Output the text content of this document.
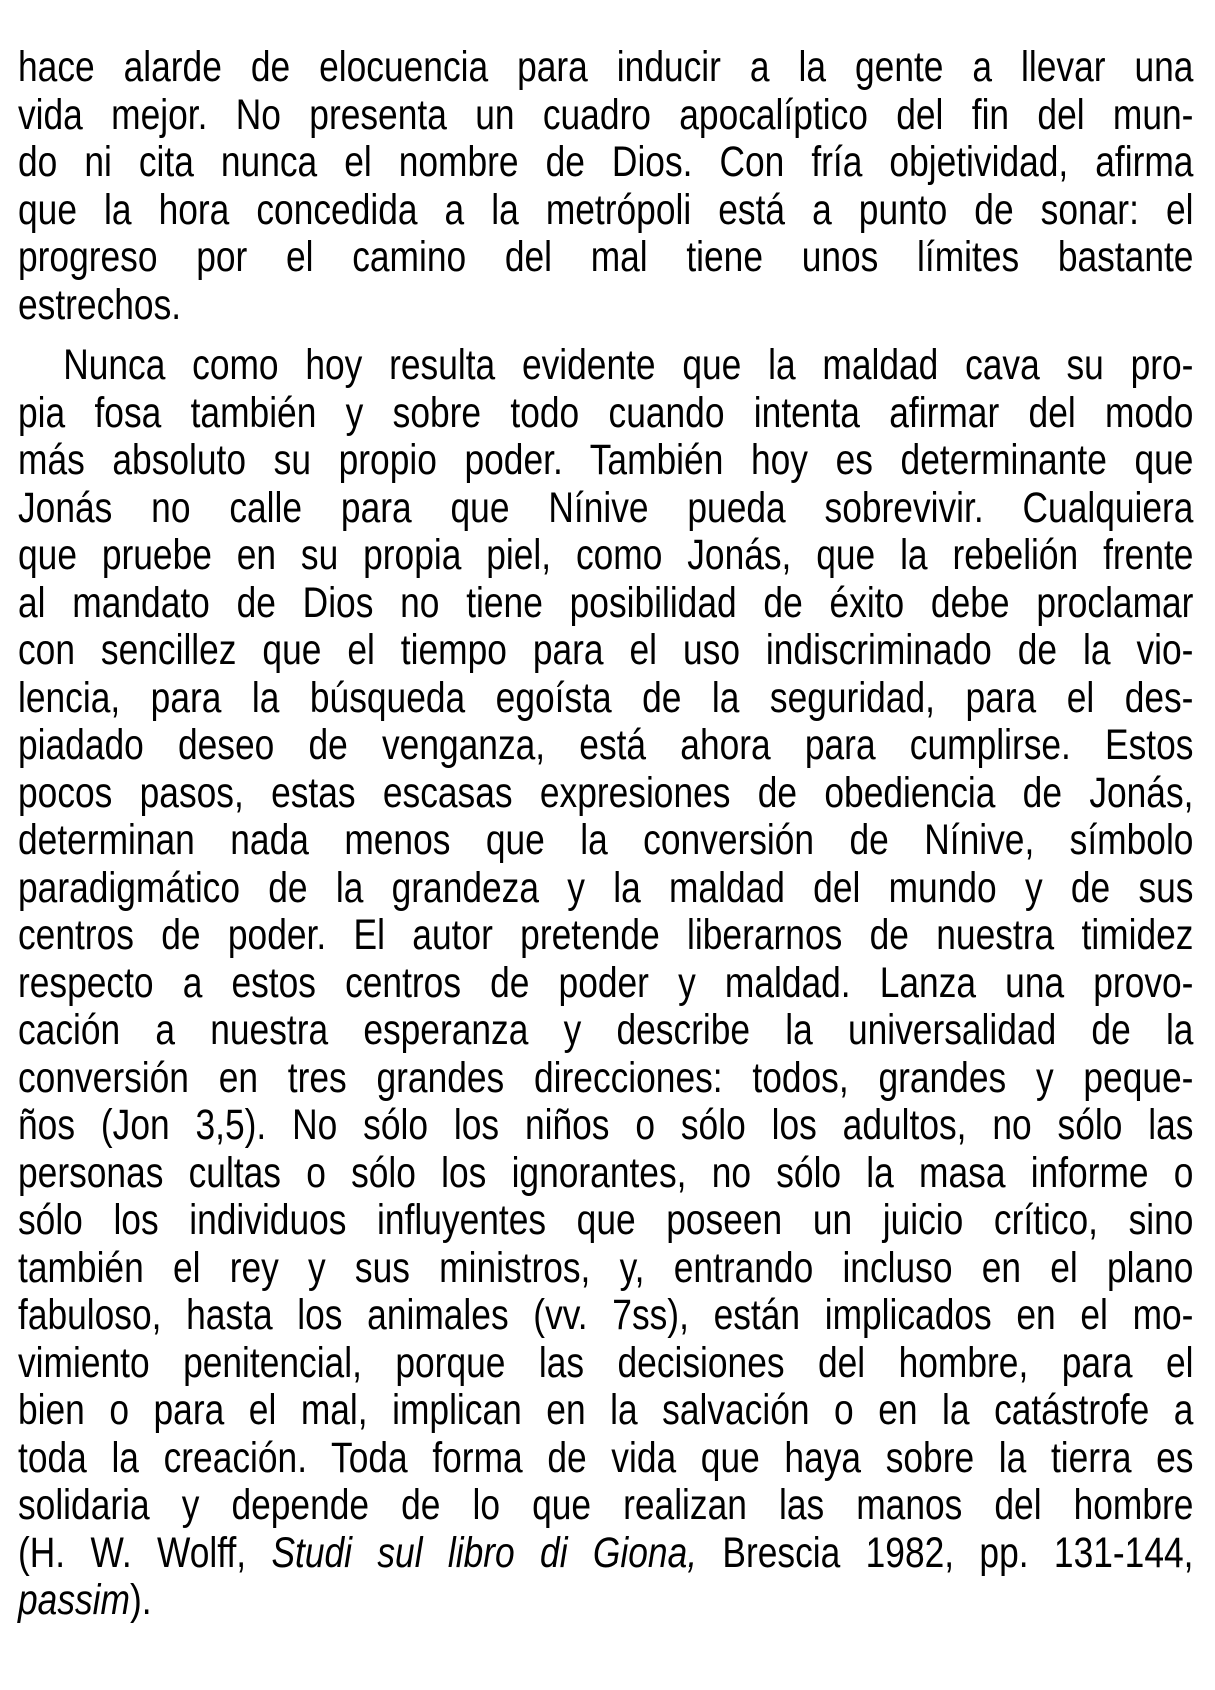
hace alarde de elocuencia para inducir a la gente a llevar una

vida mejor. No presenta un cuadro apocalíptico del fin del mun-

do ni cita nunca el nombre de Dios. Con fría objetividad, afirma

que la hora concedida a la metrópoli está a punto de sonar: el

progreso por el camino del mal tiene unos límites bastante

estrechos.

Nunca como hoy resulta evidente que la maldad cava su pro-

pia fosa también y sobre todo cuando intenta afirmar del modo

más absoluto su propio poder. También hoy es determinante que

Jonás no calle para que Nínive pueda sobrevivir. Cualquiera

que pruebe en su propia piel, como Jonás, que la rebelión frente

al mandato de Dios no tiene posibilidad de éxito debe proclamar

con sencillez que el tiempo para el uso indiscriminado de la vio-

lencia, para la búsqueda egoísta de la seguridad, para el des-

piadado deseo de venganza, está ahora para cumplirse. Estos

pocos pasos, estas escasas expresiones de obediencia de Jonás,

determinan nada menos que la conversión de Nínive, símbolo

paradigmático de la grandeza y la maldad del mundo y de sus

centros de poder. El autor pretende liberarnos de nuestra timidez

respecto a estos centros de poder y maldad. Lanza una provo-

cación a nuestra esperanza y describe la universalidad de la

conversión en tres grandes direcciones: todos, grandes y peque-

ños (Jon 3,5). No sólo los niños o sólo los adultos, no sólo las

personas cultas o sólo los ignorantes, no sólo la masa informe o

sólo los individuos influyentes que poseen un juicio crítico, sino

también el rey y sus ministros, y, entrando incluso en el plano

fabuloso, hasta los animales (vv. 7ss), están implicados en el mo-

vimiento penitencial, porque las decisiones del hombre, para el

bien o para el mal, implican en la salvación o en la catástrofe a

toda la creación. Toda forma de vida que haya sobre la tierra es

solidaria y depende de lo que realizan las manos del hombre

(H. W. Wolff, Studi sul libro di Giona, Brescia 1982, pp. 131-144,

passim).
